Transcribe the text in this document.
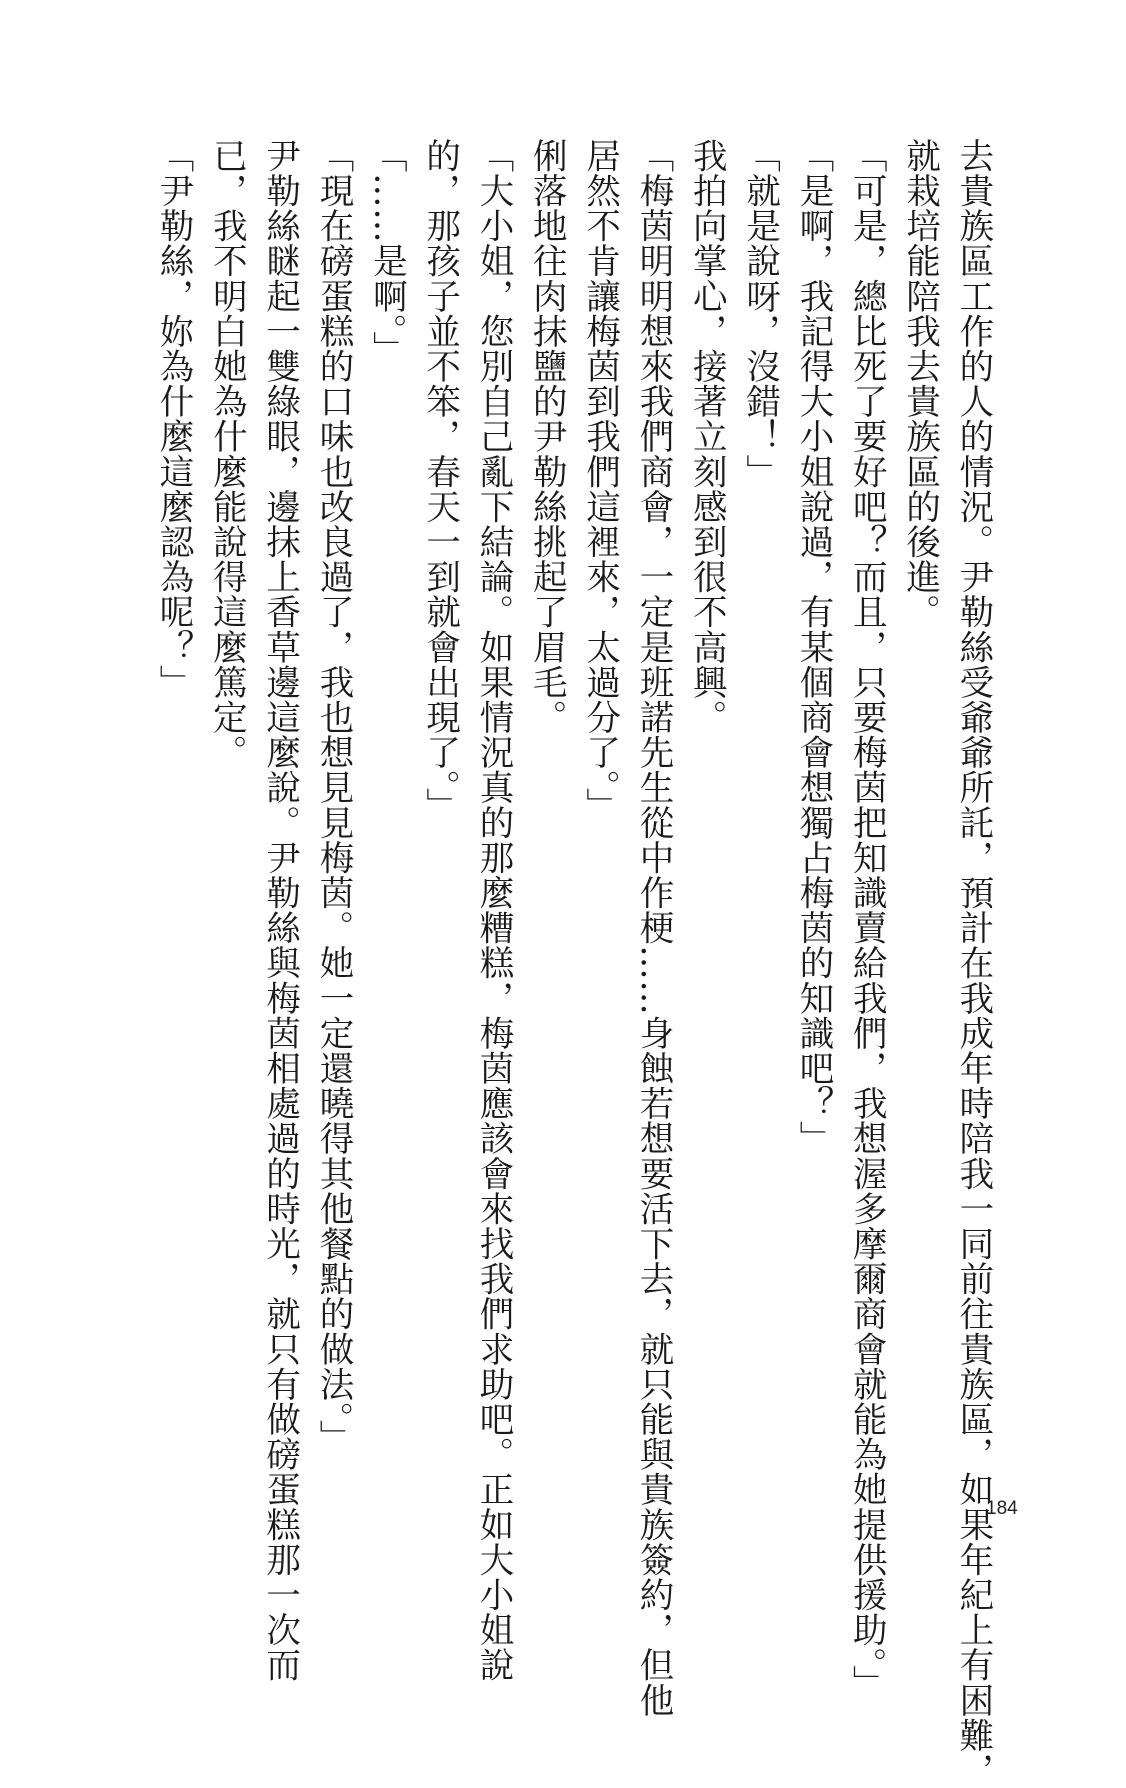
去貴族區工作的人的情況。尹勒絲受爺爺所託，預計在我成年時陪我一同前往貴族區，如果年紀上有困難，
就栽培能陪我去貴族區的後進。
「可是，總比死了要好吧？而且，只要梅茵把知識賣給我們，我想渥多摩爾商會就能為她提供援助。」
「是啊，我記得大小姐說過，有某個商會想獨占梅茵的知識吧？」
「就是說呀，沒錯！」
我拍向掌心，接著立刻感到很不高興。
「梅茵明明想來我們商會，一定是班諾先生從中作梗……身蝕若想要活下去，就只能與貴族簽約，但他
居然不肯讓梅茵到我們這裡來，太過分了。」
俐落地往肉抹鹽的尹勒絲挑起了眉毛。
「大小姐，您別自己亂下結論。如果情況真的那麼糟糕，梅茵應該會來找我們求助吧。正如大小姐說
的，那孩子並不笨，春天一到就會出現了。」
「……是啊。」
「現在磅蛋糕的口味也改良過了，我也想見見梅茵。她一定還曉得其他餐點的做法。」
尹勒絲瞇起一雙綠眼，邊抹上香草邊這麼說。尹勒絲與梅茵相處過的時光，就只有做磅蛋糕那一次而
已，我不明白她為什麼能說得這麼篤定。
「尹勒絲，妳為什麼這麼認為呢？」
184
